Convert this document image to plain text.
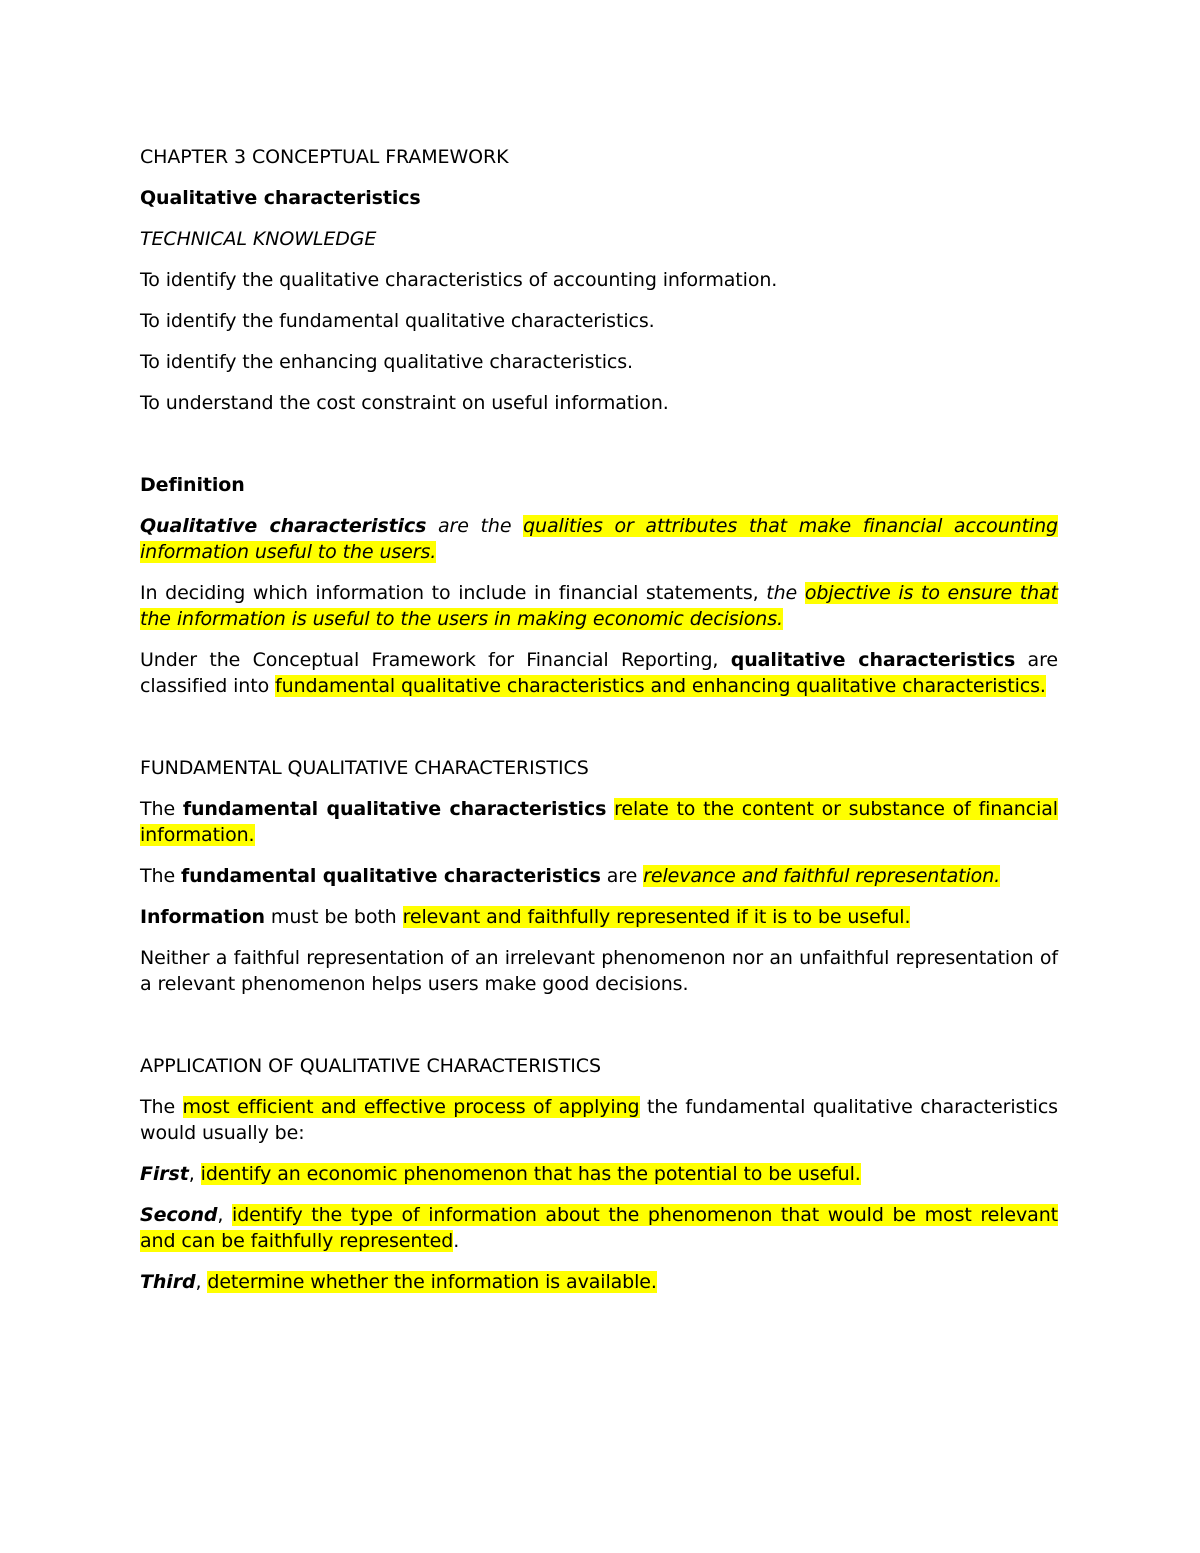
CHAPTER 3 CONCEPTUAL FRAMEWORK

Qualitative characteristics

TECHNICAL KNOWLEDGE

To identify the qualitative characteristics of accounting information.

To identify the fundamental qualitative characteristics.

To identify the enhancing qualitative characteristics.

To understand the cost constraint on useful information.

Definition

Qualitative characteristics are the qualities or attributes that make financial accounting information useful to the users.

In deciding which information to include in financial statements, the objective is to ensure that the information is useful to the users in making economic decisions.

Under the Conceptual Framework for Financial Reporting, qualitative characteristics are classified into fundamental qualitative characteristics and enhancing qualitative characteristics.

FUNDAMENTAL QUALITATIVE CHARACTERISTICS

The fundamental qualitative characteristics relate to the content or substance of financial information.

The fundamental qualitative characteristics are relevance and faithful representation.

Information must be both relevant and faithfully represented if it is to be useful.

Neither a faithful representation of an irrelevant phenomenon nor an unfaithful representation of a relevant phenomenon helps users make good decisions.

APPLICATION OF QUALITATIVE CHARACTERISTICS

The most efficient and effective process of applying the fundamental qualitative characteristics would usually be:

First, identify an economic phenomenon that has the potential to be useful.

Second, identify the type of information about the phenomenon that would be most relevant and can be faithfully represented.

Third, determine whether the information is available.
